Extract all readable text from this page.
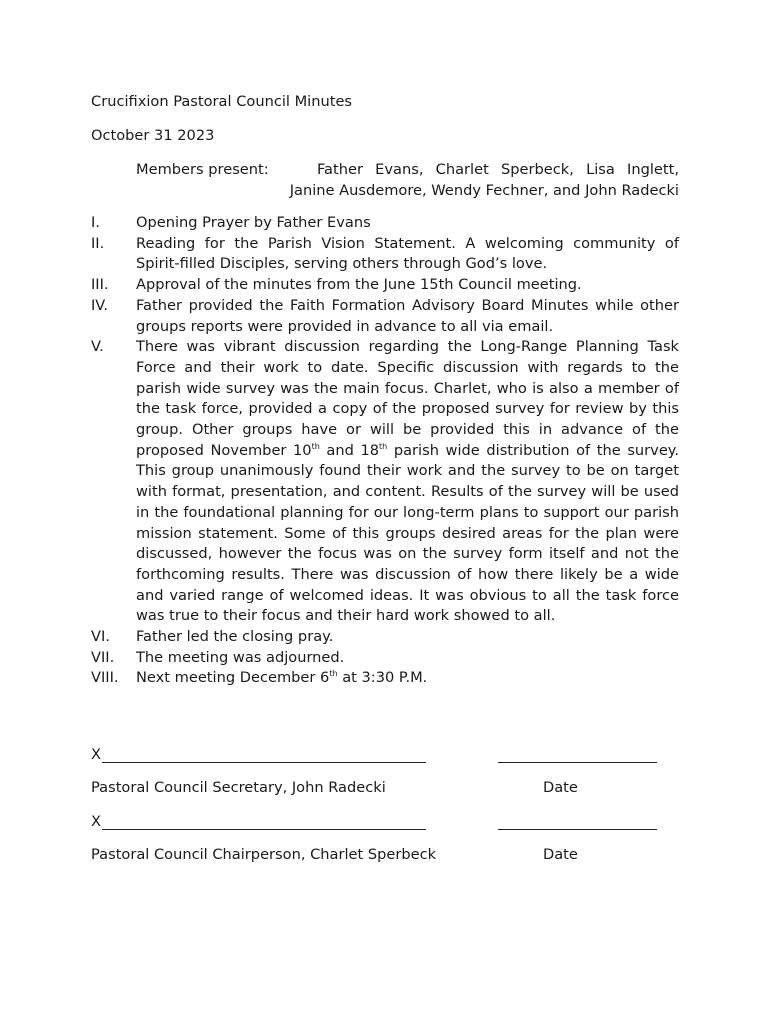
Crucifixion Pastoral Council Minutes
October 31 2023
Members present:	Father Evans, Charlet Sperbeck, Lisa Inglett,
Janine Ausdemore, Wendy Fechner, and John Radecki
I.	Opening Prayer by Father Evans
II.	Reading for the Parish Vision Statement. A welcoming community of Spirit-filled Disciples, serving others through God’s love.
III.	Approval of the minutes from the June 15th Council meeting.
IV.	Father provided the Faith Formation Advisory Board Minutes while other groups reports were provided in advance to all via email.
V.	There was vibrant discussion regarding the Long-Range Planning Task Force and their work to date. Specific discussion with regards to the parish wide survey was the main focus. Charlet, who is also a member of the task force, provided a copy of the proposed survey for review by this group. Other groups have or will be provided this in advance of the proposed November 10th and 18th parish wide distribution of the survey. This group unanimously found their work and the survey to be on target with format, presentation, and content. Results of the survey will be used in the foundational planning for our long-term plans to support our parish mission statement. Some of this groups desired areas for the plan were discussed, however the focus was on the survey form itself and not the forthcoming results. There was discussion of how there likely be a wide and varied range of welcomed ideas. It was obvious to all the task force was true to their focus and their hard work showed to all.
VI.	Father led the closing pray.
VII.	The meeting was adjourned.
VIII.	Next meeting December 6th at 3:30 P.M.
X
Pastoral Council Secretary, John Radecki	Date
X
Pastoral Council Chairperson, Charlet Sperbeck	Date
